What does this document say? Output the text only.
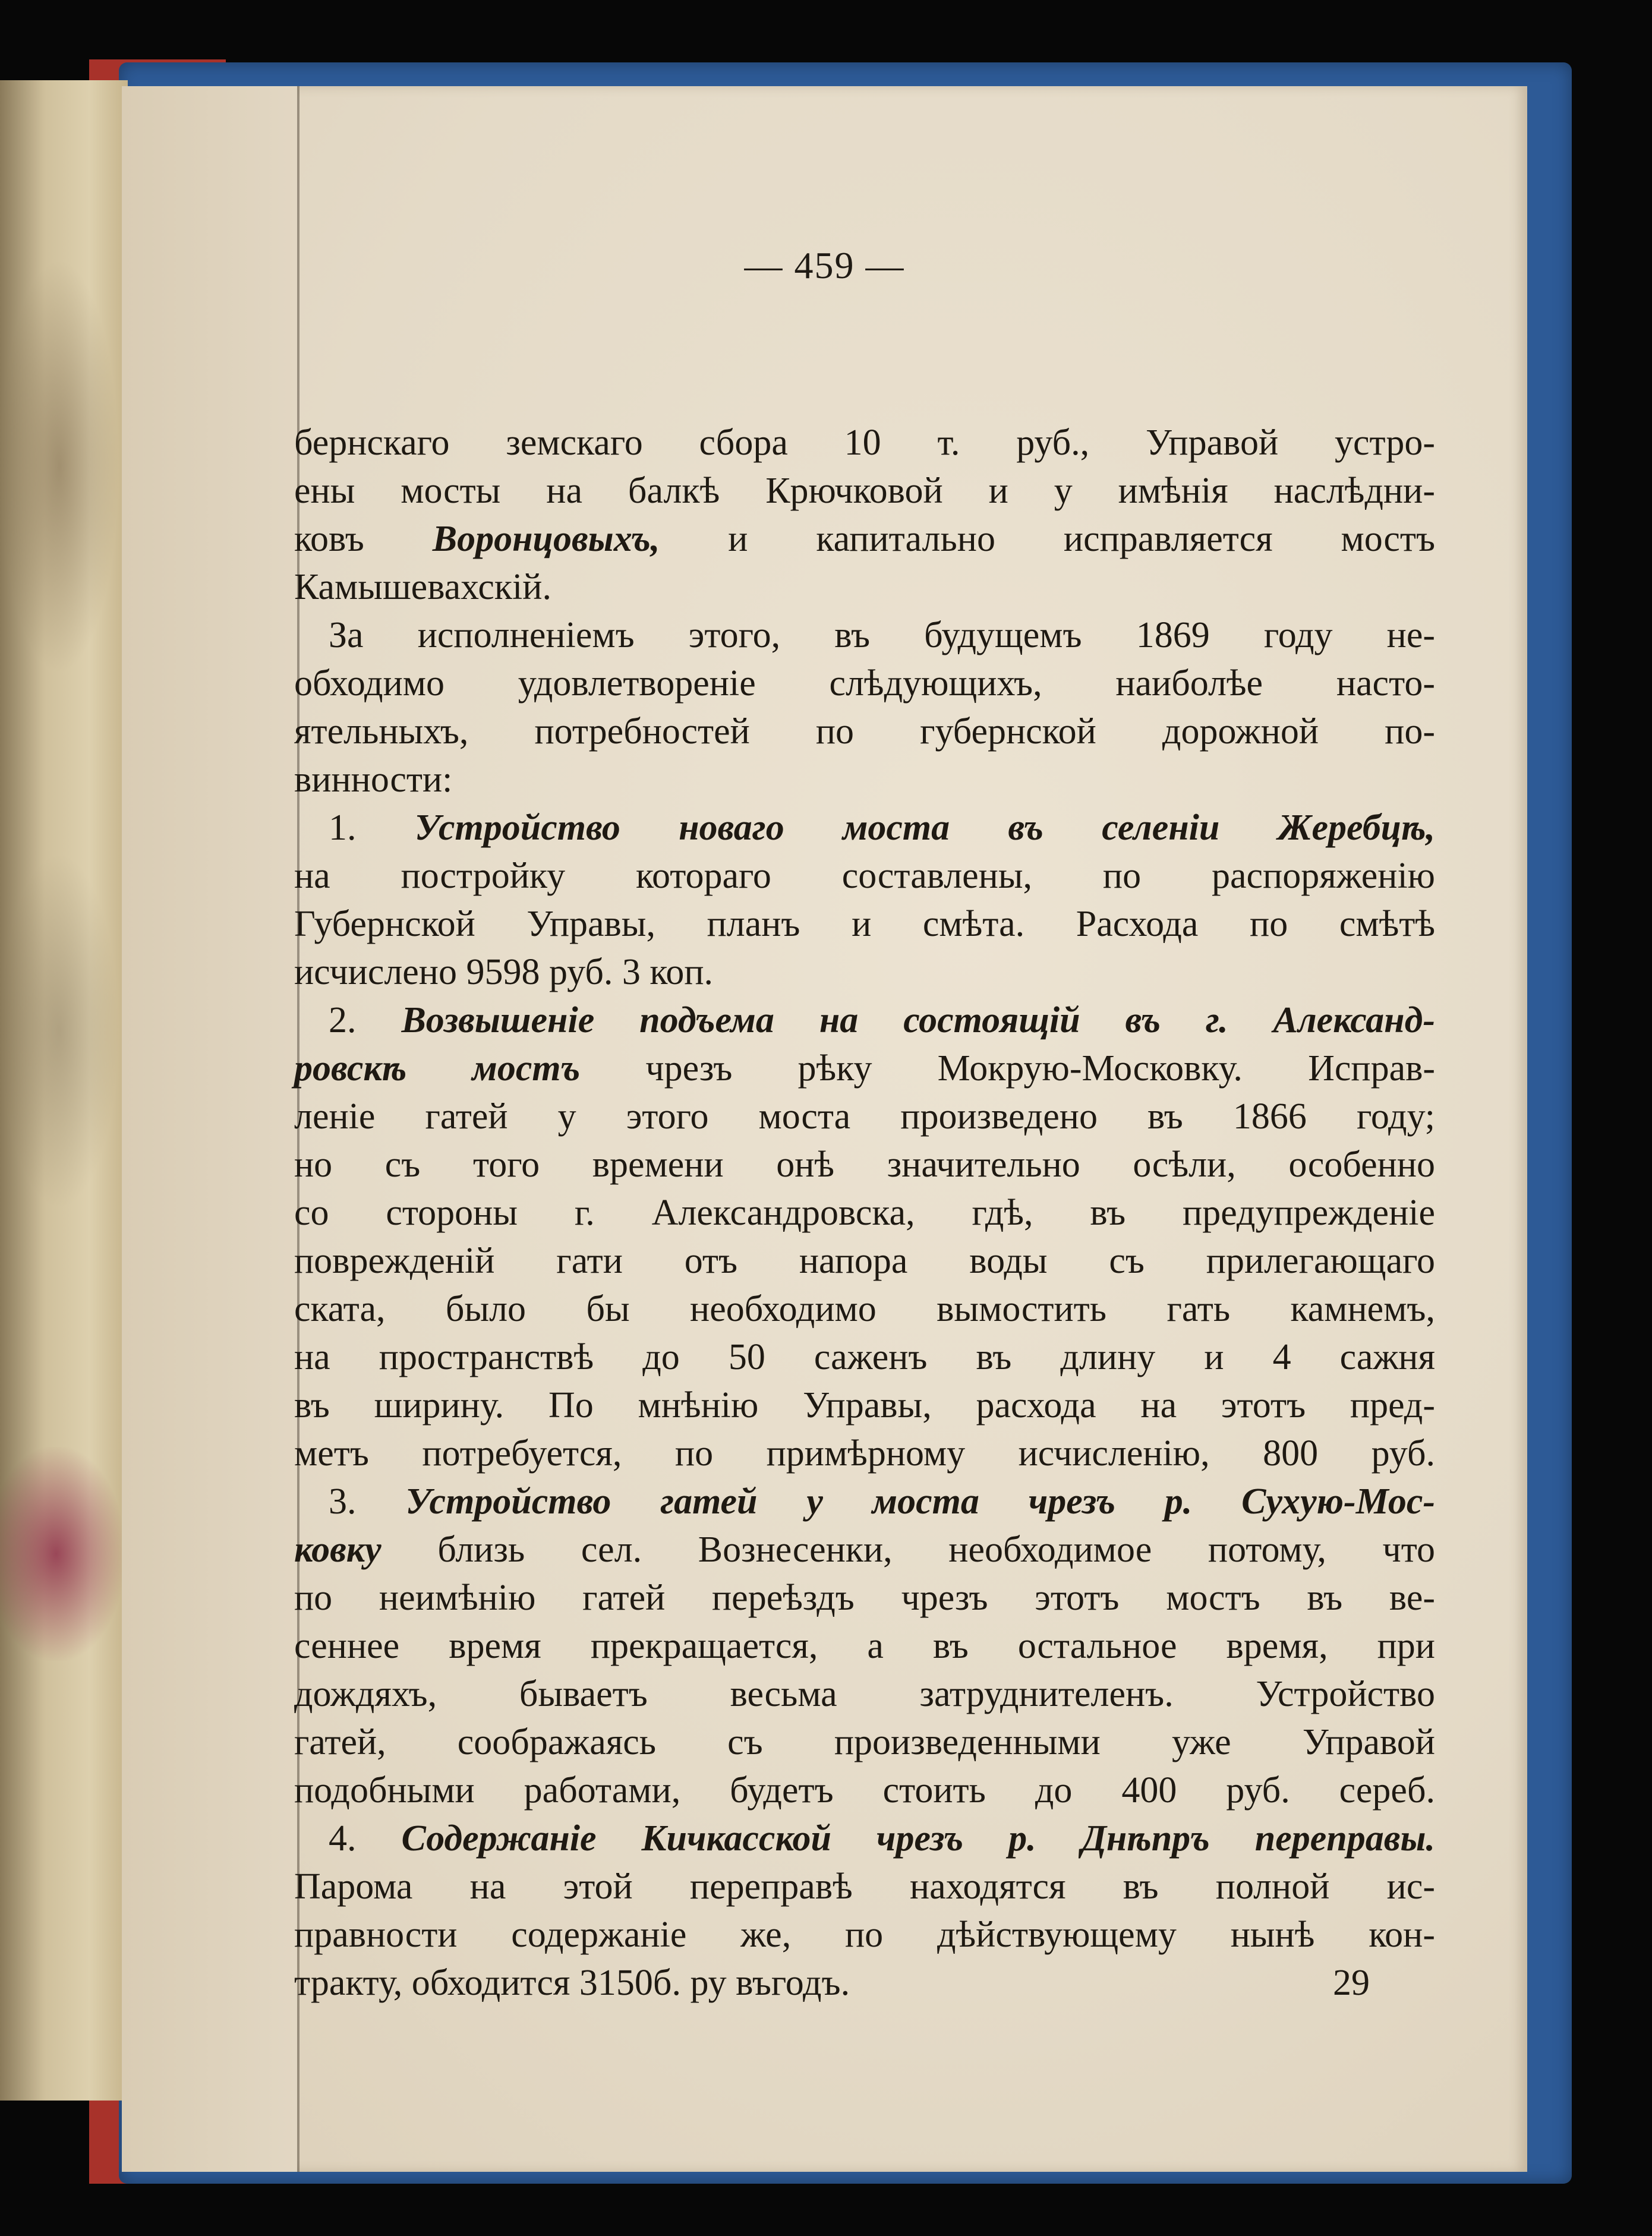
— 459 —
бернскаго земскаго сбора 10 т. руб., Управой устро-
ены мосты на балкѣ Крючковой и у имѣнія наслѣдни-
ковъ Воронцовыхъ, и капитально исправляется мостъ
Камышевахскій.
За исполненіемъ этого, въ будущемъ 1869 году не-
обходимо удовлетвореніе слѣдующихъ, наиболѣе насто-
ятельныхъ, потребностей по губернской дорожной по-
винности:
1. Устройство новаго моста въ селеніи Жеребцѣ,
на постройку котораго составлены, по распоряженію
Губернской Управы, планъ и смѣта. Расхода по смѣтѣ
исчислено 9598 руб. 3 коп.
2. Возвышеніе подъема на состоящій въ г. Александ-
ровскѣ мостъ чрезъ рѣку Мокрую-Московку. Исправ-
леніе гатей у этого моста произведено въ 1866 году;
но съ того времени онѣ значительно осѣли, особенно
со стороны г. Александровска, гдѣ, въ предупрежденіе
поврежденій гати отъ напора воды съ прилегающаго
ската, было бы необходимо вымостить гать камнемъ,
на пространствѣ до 50 саженъ въ длину и 4 сажня
въ ширину. По мнѣнію Управы, расхода на этотъ пред-
метъ потребуется, по примѣрному исчисленію, 800 руб.
3. Устройство гатей у моста чрезъ р. Сухую-Мос-
ковку близь сел. Вознесенки, необходимое потому, что
по неимѣнію гатей переѣздъ чрезъ этотъ мостъ въ ве-
сеннее время прекращается, а въ остальное время, при
дождяхъ, бываетъ весьма затруднителенъ. Устройство
гатей, соображаясь съ произведенными уже Управой
подобными работами, будетъ стоить до 400 руб. сереб.
4. Содержаніе Кичкасской чрезъ р. Днѣпръ переправы.
Парома на этой переправѣ находятся въ полной ис-
правности содержаніе же, по дѣйствующему нынѣ кон-
тракту, обходится 3150б. ру въгодъ.	29
